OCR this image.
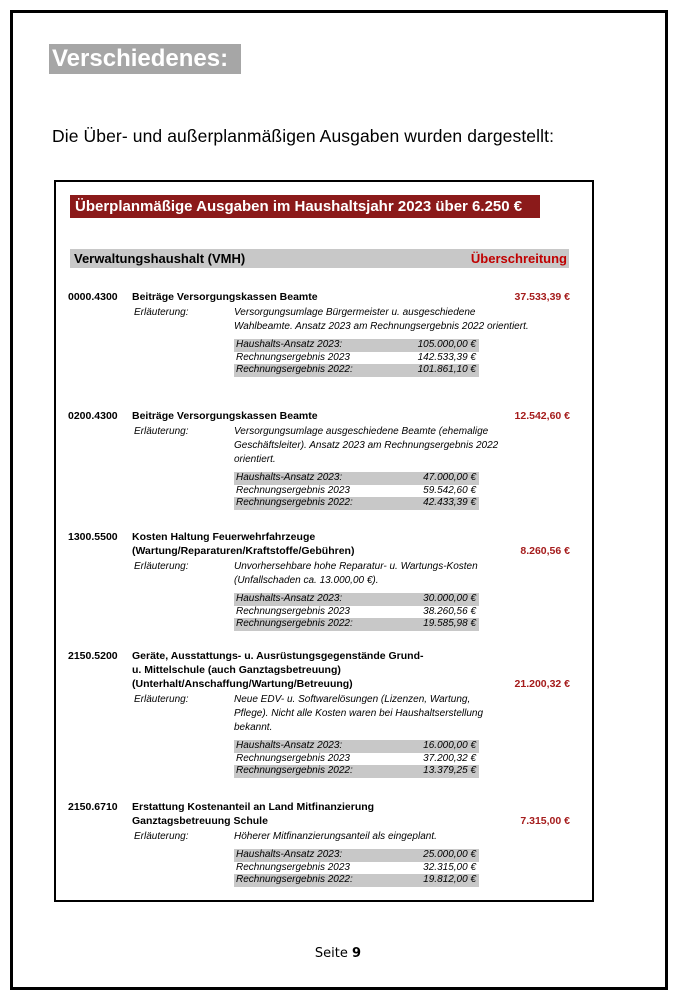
Verschiedenes:
Die Über- und außerplanmäßigen Ausgaben wurden dargestellt:
Überplanmäßige Ausgaben im Haushaltsjahr 2023 über 6.250 €
Verwaltungshaushalt (VMH)	Überschreitung
0000.4300 Beiträge Versorgungskassen Beamte	37.533,39 €
Erläuterung:	Versorgungsumlage Bürgermeister u. ausgeschiedene Wahlbeamte. Ansatz 2023 am Rechnungsergebnis 2022 orientiert.
Haushalts-Ansatz 2023:	105.000,00 €
Rechnungsergebnis 2023	142.533,39 €
Rechnungsergebnis 2022:	101.861,10 €
0200.4300 Beiträge Versorgungskassen Beamte	12.542,60 €
Erläuterung:	Versorgungsumlage ausgeschiedene Beamte (ehemalige Geschäftsleiter). Ansatz 2023 am Rechnungsergebnis 2022 orientiert.
Haushalts-Ansatz 2023:	47.000,00 €
Rechnungsergebnis 2023	59.542,60 €
Rechnungsergebnis 2022:	42.433,39 €
1300.5500 Kosten Haltung Feuerwehrfahrzeuge (Wartung/Reparaturen/Kraftstoffe/Gebühren)	8.260,56 €
Erläuterung:	Unvorhersehbare hohe Reparatur- u. Wartungs-Kosten (Unfallschaden ca. 13.000,00 €).
Haushalts-Ansatz 2023:	30.000,00 €
Rechnungsergebnis 2023	38.260,56 €
Rechnungsergebnis 2022:	19.585,98 €
2150.5200 Geräte, Ausstattungs- u. Ausrüstungsgegenstände Grund- u. Mittelschule (auch Ganztagsbetreuung) (Unterhalt/Anschaffung/Wartung/Betreuung)	21.200,32 €
Erläuterung:	Neue EDV- u. Softwarelösungen (Lizenzen, Wartung, Pflege). Nicht alle Kosten waren bei Haushaltserstellung bekannt.
Haushalts-Ansatz 2023:	16.000,00 €
Rechnungsergebnis 2023	37.200,32 €
Rechnungsergebnis 2022:	13.379,25 €
2150.6710 Erstattung Kostenanteil an Land Mitfinanzierung Ganztagsbetreuung Schule	7.315,00 €
Erläuterung:	Höherer Mitfinanzierungsanteil als eingeplant.
Haushalts-Ansatz 2023:	25.000,00 €
Rechnungsergebnis 2023	32.315,00 €
Rechnungsergebnis 2022:	19.812,00 €
Seite 9
